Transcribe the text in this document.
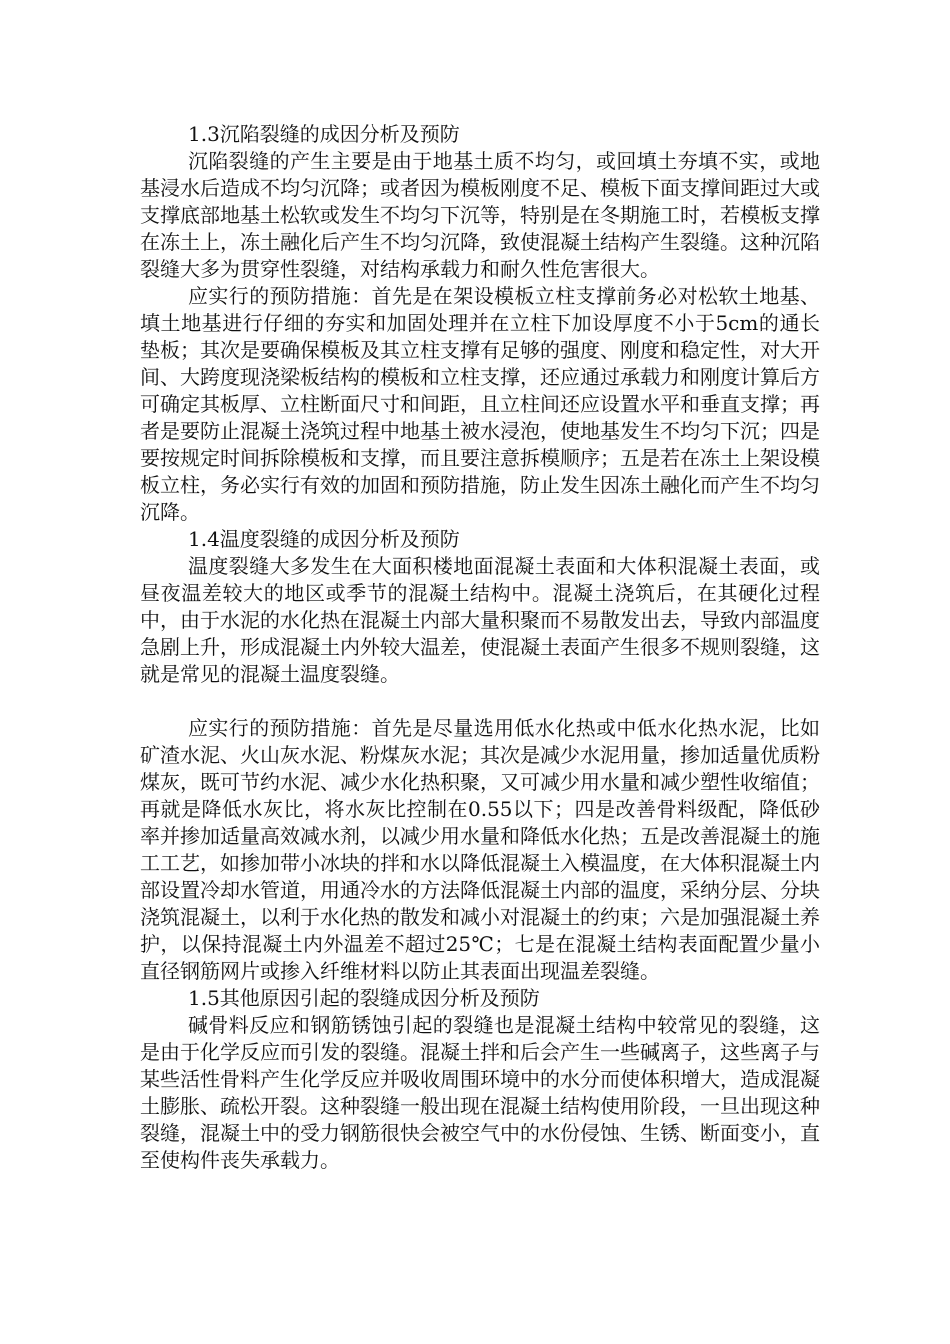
1.3沉陷裂缝的成因分析及预防

沉陷裂缝的产生主要是由于地基土质不均匀，或回填土夯填不实，或地基浸水后造成不均匀沉降；或者因为模板刚度不足、模板下面支撑间距过大或支撑底部地基土松软或发生不均匀下沉等，特别是在冬期施工时，若模板支撑在冻土上，冻土融化后产生不均匀沉降，致使混凝土结构产生裂缝。这种沉陷裂缝大多为贯穿性裂缝，对结构承载力和耐久性危害很大。

应实行的预防措施：首先是在架设模板立柱支撑前务必对松软土地基、填土地基进行仔细的夯实和加固处理并在立柱下加设厚度不小于5cm的通长垫板；其次是要确保模板及其立柱支撑有足够的强度、刚度和稳定性，对大开间、大跨度现浇梁板结构的模板和立柱支撑，还应通过承载力和刚度计算后方可确定其板厚、立柱断面尺寸和间距，且立柱间还应设置水平和垂直支撑；再者是要防止混凝土浇筑过程中地基土被水浸泡，使地基发生不均匀下沉；四是要按规定时间拆除模板和支撑，而且要注意拆模顺序；五是若在冻土上架设模板立柱，务必实行有效的加固和预防措施，防止发生因冻土融化而产生不均匀沉降。

1.4温度裂缝的成因分析及预防

温度裂缝大多发生在大面积楼地面混凝土表面和大体积混凝土表面，或昼夜温差较大的地区或季节的混凝土结构中。混凝土浇筑后，在其硬化过程中，由于水泥的水化热在混凝土内部大量积聚而不易散发出去，导致内部温度急剧上升，形成混凝土内外较大温差，使混凝土表面产生很多不规则裂缝，这就是常见的混凝土温度裂缝。

应实行的预防措施：首先是尽量选用低水化热或中低水化热水泥，比如矿渣水泥、火山灰水泥、粉煤灰水泥；其次是减少水泥用量，掺加适量优质粉煤灰，既可节约水泥、减少水化热积聚，又可减少用水量和减少塑性收缩值；再就是降低水灰比，将水灰比控制在0.55以下；四是改善骨料级配，降低砂率并掺加适量高效减水剂，以减少用水量和降低水化热；五是改善混凝土的施工工艺，如掺加带小冰块的拌和水以降低混凝土入模温度，在大体积混凝土内部设置冷却水管道，用通冷水的方法降低混凝土内部的温度，采纳分层、分块浇筑混凝土，以利于水化热的散发和减小对混凝土的约束；六是加强混凝土养护，以保持混凝土内外温差不超过25℃；七是在混凝土结构表面配置少量小直径钢筋网片或掺入纤维材料以防止其表面出现温差裂缝。

1.5其他原因引起的裂缝成因分析及预防

碱骨料反应和钢筋锈蚀引起的裂缝也是混凝土结构中较常见的裂缝，这是由于化学反应而引发的裂缝。混凝土拌和后会产生一些碱离子，这些离子与某些活性骨料产生化学反应并吸收周围环境中的水分而使体积增大，造成混凝土膨胀、疏松开裂。这种裂缝一般出现在混凝土结构使用阶段，一旦出现这种裂缝，混凝土中的受力钢筋很快会被空气中的水份侵蚀、生锈、断面变小，直至使构件丧失承载力。
